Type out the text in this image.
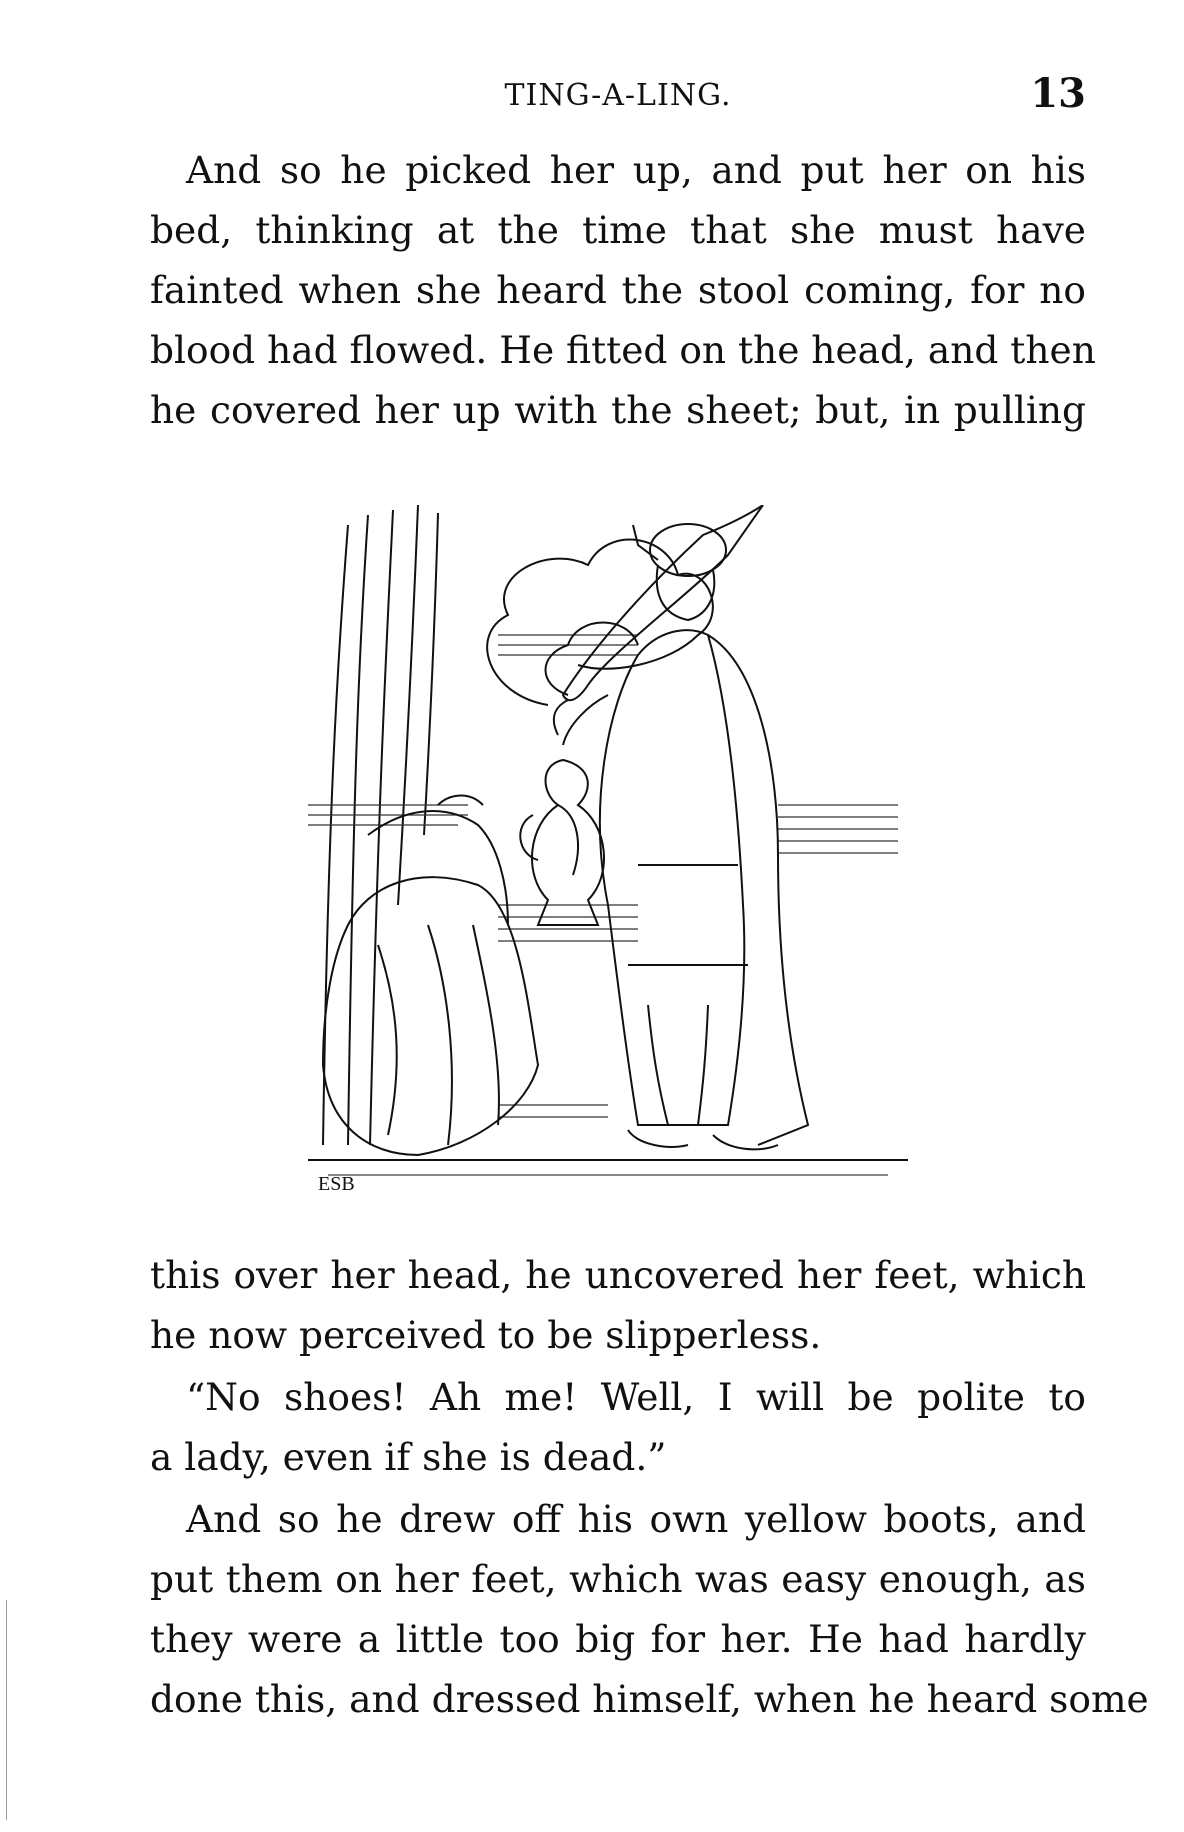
TING-A-LING.	13
And so he picked her up, and put her on his
bed, thinking at the time that she must have
fainted when she heard the stool coming, for no
blood had flowed. He fitted on the head, and then
he covered her up with the sheet; but, in pulling
ESB
this over her head, he uncovered her feet, which
he now perceived to be slipperless.
“No shoes! Ah me! Well, I will be polite to
a lady, even if she is dead.”
And so he drew off his own yellow boots, and
put them on her feet, which was easy enough, as
they were a little too big for her. He had hardly
done this, and dressed himself, when he heard some
